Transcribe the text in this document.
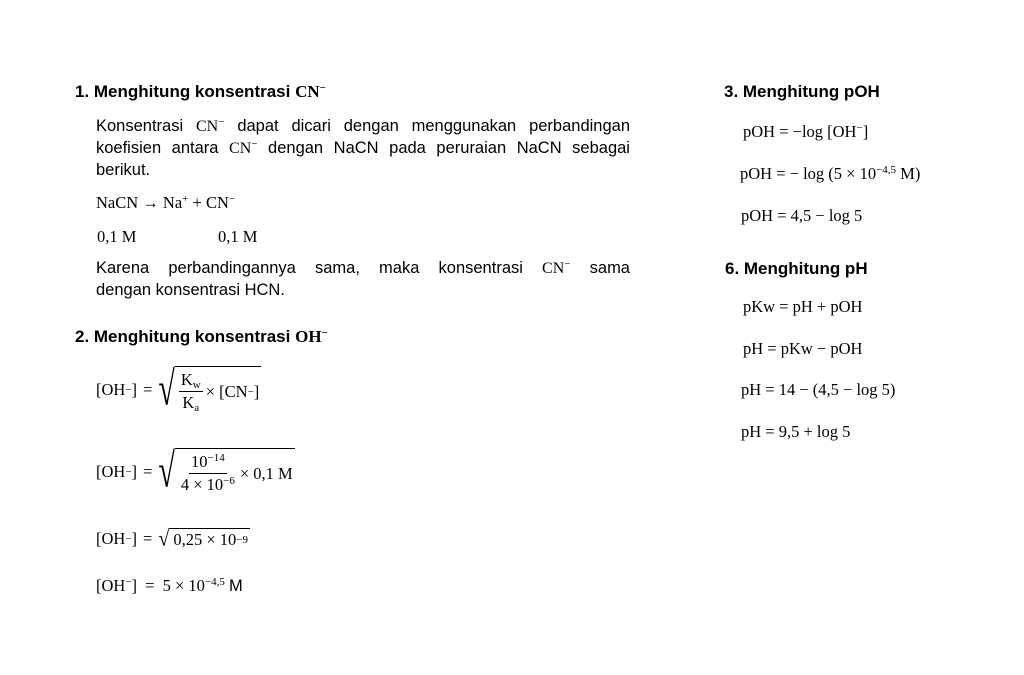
1. Menghitung konsentrasi CN−
Konsentrasi CN− dapat dicari dengan menggunakan perbandingan
koefisien antara CN− dengan NaCN pada peruraian NaCN sebagai
berikut.
NaCN → Na+ + CN−
0,1 M	0,1 M
Karena perbandingannya sama, maka konsentrasi CN− sama
dengan konsentrasi HCN.
2. Menghitung konsentrasi OH−
[OH − ] = √ $\frac{K_w}{K_a} \times [CN$ − ]
[OH − ] = √ $\frac{10^{-14}}{4 \times 10^{-6}} \times 0,1$ M
[OH − ] = √ 0,25 × 10 −9
$[OH^-] = 5 \times 10^{-4,5}$ M
3. Menghitung pOH
pOH = −log [OH−]
pOH = − $\log (5 \times 10^{-4,5}$ M)
pOH = 4,5 − log 5
6. Menghitung pH
pKw = pH + pOH
pH = pKw − pOH
pH = 14 − (4,5 − log 5)
pH = 9,5 + log 5
